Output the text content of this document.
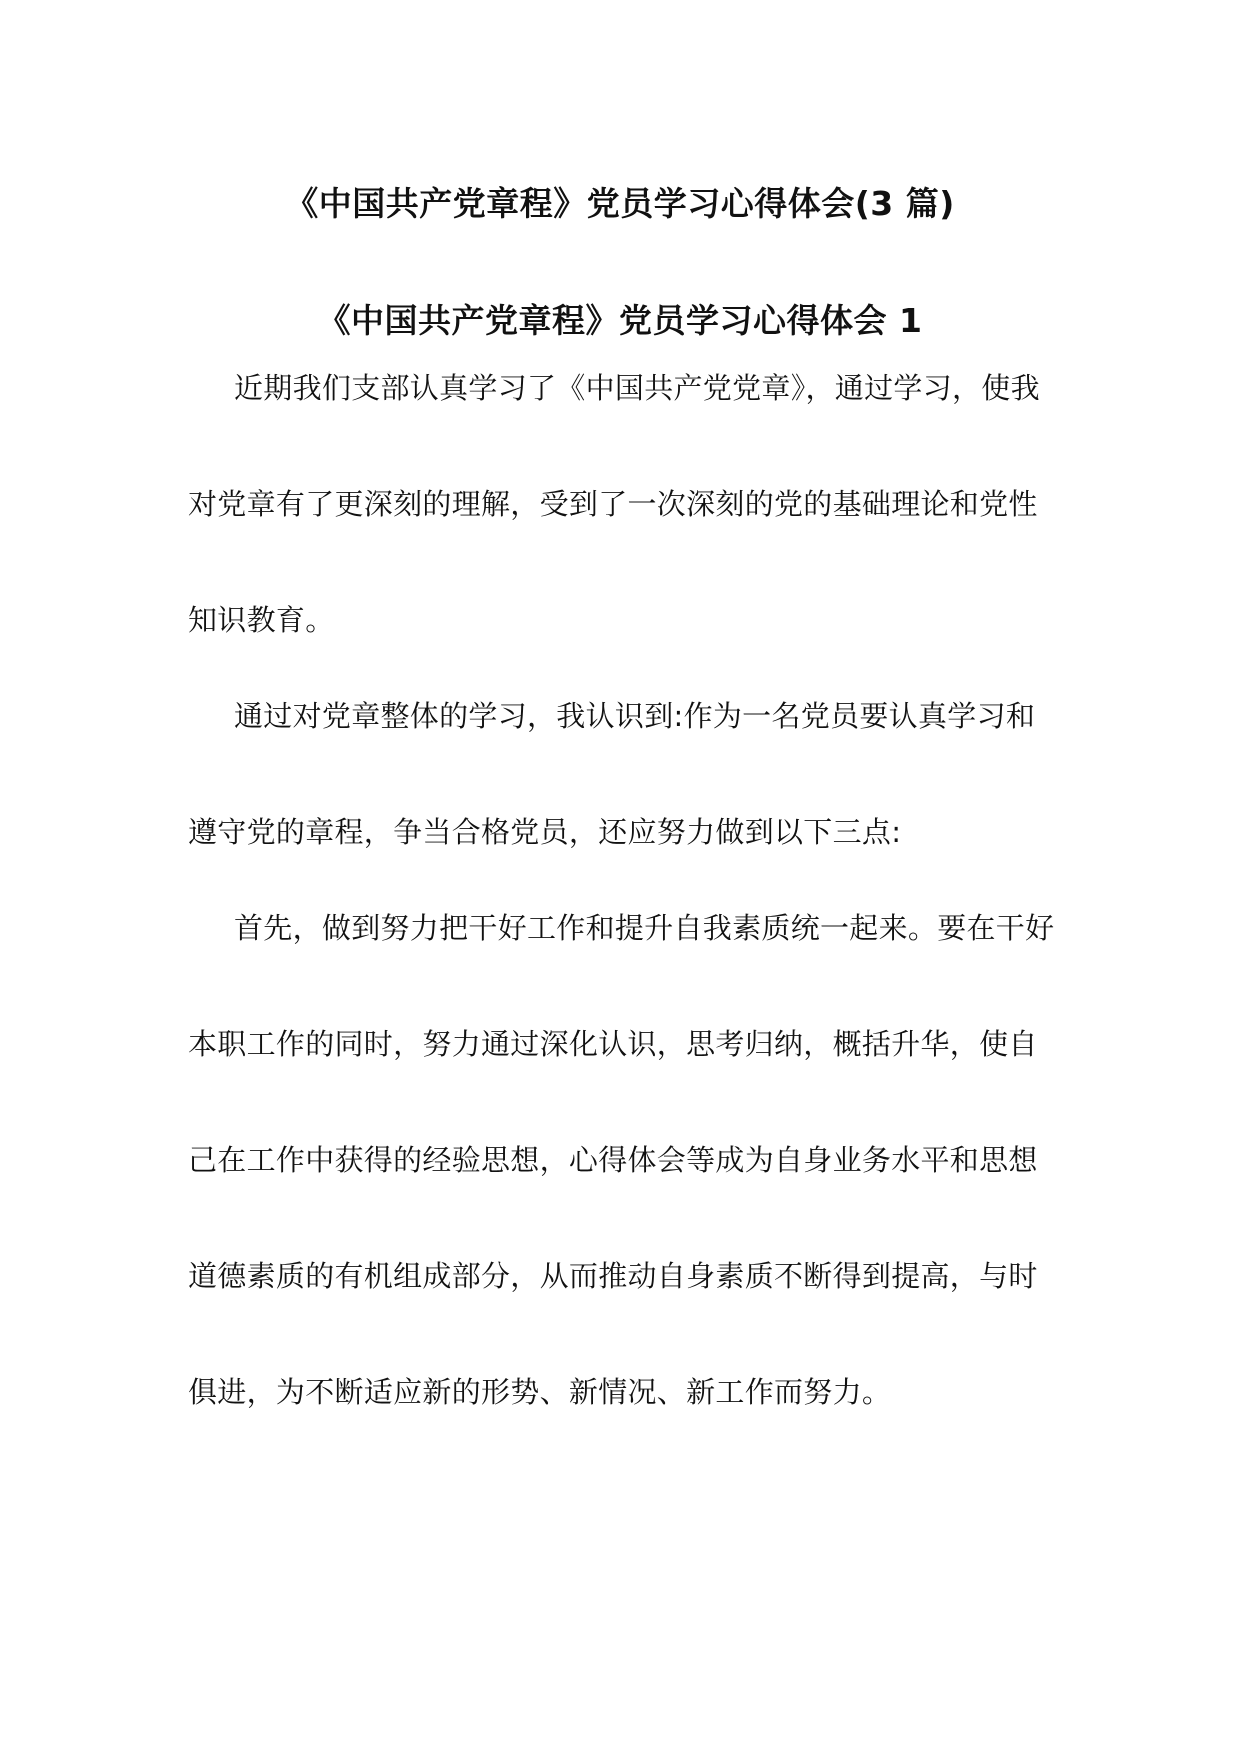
《中国共产党章程》党员学习心得体会(3 篇)
《中国共产党章程》党员学习心得体会 1

近期我们支部认真学习了《中国共产党党章》，通过学习，使我

对党章有了更深刻的理解，受到了一次深刻的党的基础理论和党性

知识教育。

通过对党章整体的学习，我认识到:作为一名党员要认真学习和

遵守党的章程，争当合格党员，还应努力做到以下三点:

首先，做到努力把干好工作和提升自我素质统一起来。要在干好

本职工作的同时，努力通过深化认识，思考归纳，概括升华，使自

己在工作中获得的经验思想，心得体会等成为自身业务水平和思想

道德素质的有机组成部分，从而推动自身素质不断得到提高，与时

俱进，为不断适应新的形势、新情况、新工作而努力。
